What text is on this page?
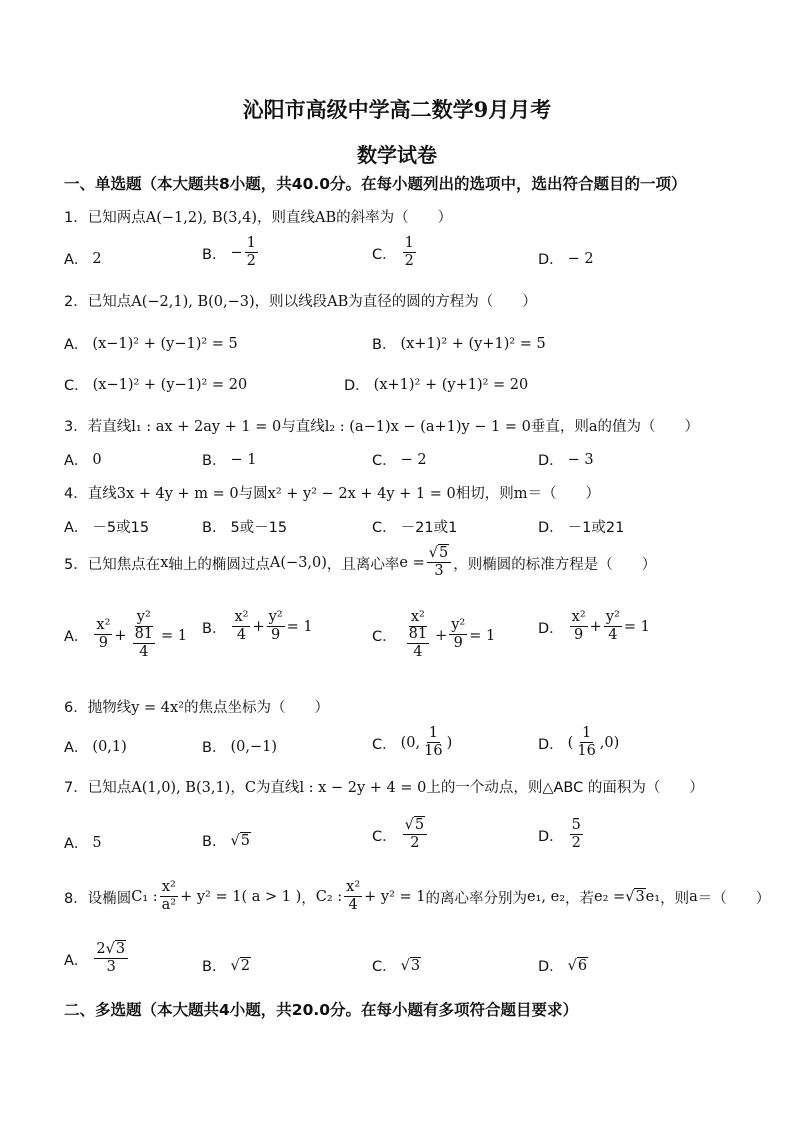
沁阳市高级中学高二数学9月月考
数学试卷
一、单选题（本大题共8小题，共40.0分。在每小题列出的选项中，选出符合题目的一项）
1．已知两点A(−1,2), B(3,4)，则直线AB的斜率为（　　）
A． 2	B． − $\frac{1}{2}$	C． $\frac{1}{2}$	D． − 2
2．已知点A(−2,1), B(0,−3)，则以线段AB为直径的圆的方程为（　　）
A． (x−1)² + (y−1)² = 5	B． (x+1)² + (y+1)² = 5
C． (x−1)² + (y−1)² = 20	D． (x+1)² + (y+1)² = 20
3．若直线l₁ : ax + 2ay + 1 = 0与直线l₂ : (a−1)x − (a+1)y − 1 = 0垂直，则a的值为（　　）
A． 0	B． − 1	C． − 2	D． − 3
4．直线3x + 4y + m = 0与圆x² + y² − 2x + 4y + 1 = 0相切，则m＝（　　）
A． －5或15	B． 5或－15	C． －21或1	D． －1或21
5．已知焦点在 x 轴上的椭圆过点 A(−3,0) ，且离心率 $e = \frac{√5}{3}$ ，则椭圆的标准方程是（　　）
A． $\frac{\text{x²}}{9} + \frac{\text{y²}}{\frac{81}{4}} = 1$ B． $\frac{\text{x²}}{4} + \frac{\text{y²}}{9} = 1$
C． $\frac{\text{x²}}{\frac{81}{4}} + \frac{\text{y²}}{9} = 1$	D． $\frac{\text{x²}}{9} + \frac{\text{y²}}{4} = 1$
6．抛物线y = 4x²的焦点坐标为（　　）
A． (0,1)	B． (0,−1)	C． (0, $\frac{1}{16}$ )	D． ( $\frac{1}{16} ,0$)
7．已知点A(1,0), B(3,1)，C为直线l : x − 2y + 4 = 0上的一个动点，则△ABC 的面积为（　　）
A． 5	B． √ 5	C． $\frac{√5}{2}$	D． $\frac{5}{2}$
8．设椭圆 C₁ : $\frac{\text{x²}}{\text{a²}} + y^2 = 1$ ( a > 1 ) ， C₂ : $\frac{\text{x²}}{4} + y^2 = 1$ 的离心率分别为 e₁, e₂ ，若 e₂ = √3 e₁ ，则 a ＝（　　）
A． $\frac{2√3}{3}$	B． √ 2	C． √ 3	D． √ 6
二、多选题（本大题共4小题，共20.0分。在每小题有多项符合题目要求）
